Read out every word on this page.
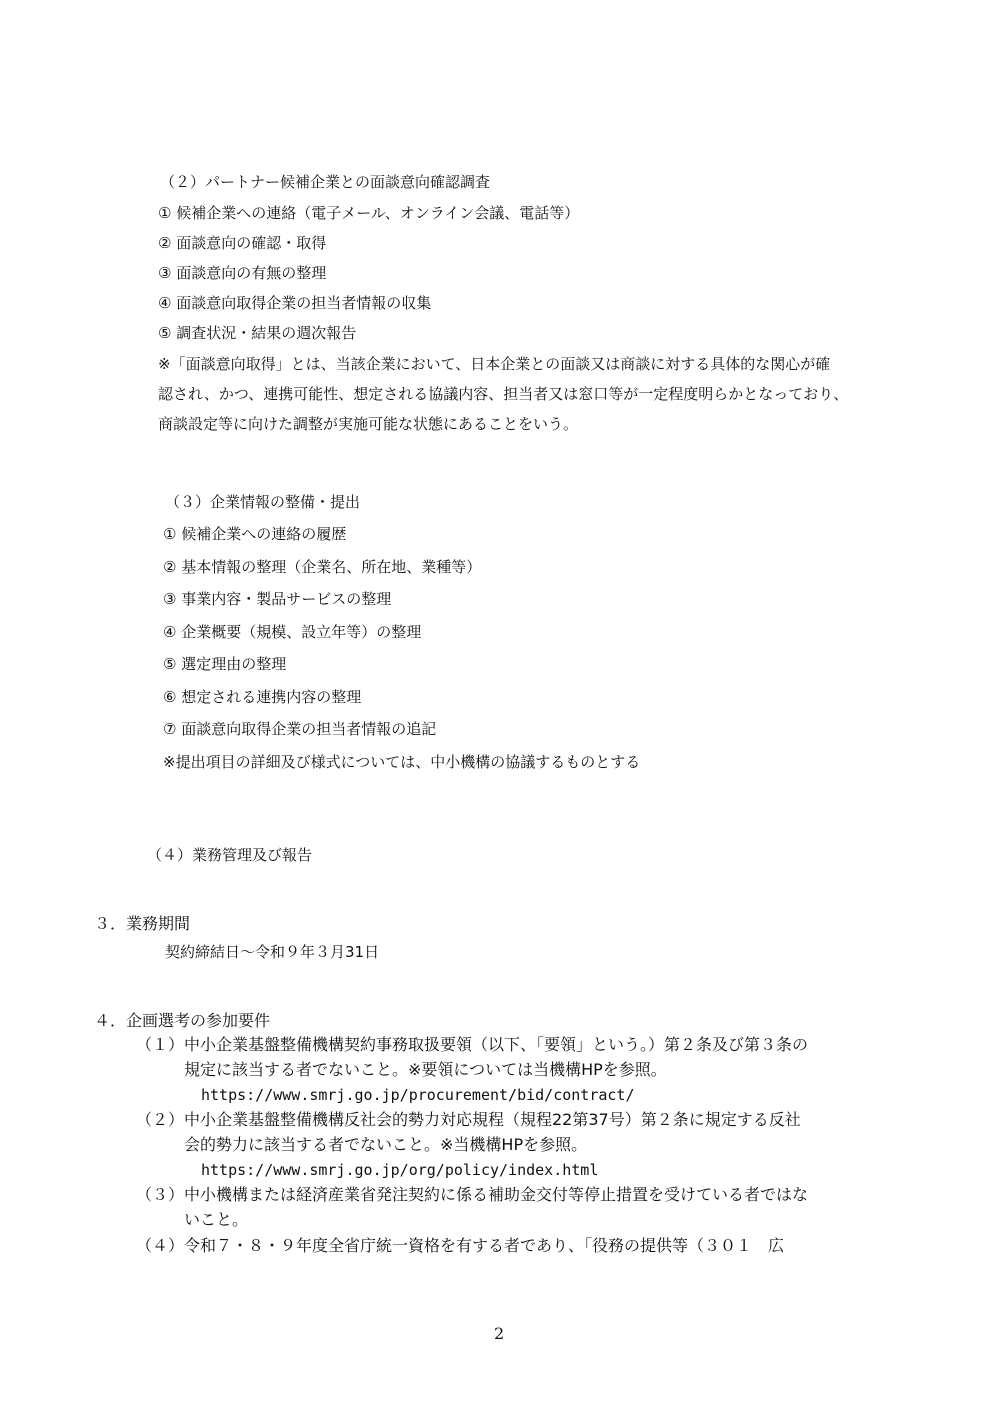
（２）パートナー候補企業との面談意向確認調査
① 候補企業への連絡（電子メール、オンライン会議、電話等）
② 面談意向の確認・取得
③ 面談意向の有無の整理
④ 面談意向取得企業の担当者情報の収集
⑤ 調査状況・結果の週次報告
※「面談意向取得」とは、当該企業において、日本企業との面談又は商談に対する具体的な関心が確
認され、かつ、連携可能性、想定される協議内容、担当者又は窓口等が一定程度明らかとなっており、
商談設定等に向けた調整が実施可能な状態にあることをいう。
（３）企業情報の整備・提出
① 候補企業への連絡の履歴
② 基本情報の整理（企業名、所在地、業種等）
③ 事業内容・製品サービスの整理
④ 企業概要（規模、設立年等）の整理
⑤ 選定理由の整理
⑥ 想定される連携内容の整理
⑦ 面談意向取得企業の担当者情報の追記
※提出項目の詳細及び様式については、中小機構の協議するものとする
（４）業務管理及び報告
３．業務期間
契約締結日～令和９年３月31日
４．企画選考の参加要件
（１） 中小企業基盤整備機構契約事務取扱要領（以下、「要領」という。）第２条及び第３条の
規定に該当する者でないこと。※要領については当機構HPを参照。
https://www.smrj.go.jp/procurement/bid/contract/
（２） 中小企業基盤整備機構反社会的勢力対応規程（規程22第37号）第２条に規定する反社
会的勢力に該当する者でないこと。※当機構HPを参照。
https://www.smrj.go.jp/org/policy/index.html
（３） 中小機構または経済産業省発注契約に係る補助金交付等停止措置を受けている者ではな
いこと。
（４） 令和７・８・９年度全省庁統一資格を有する者であり、「役務の提供等（３０１　広
2
